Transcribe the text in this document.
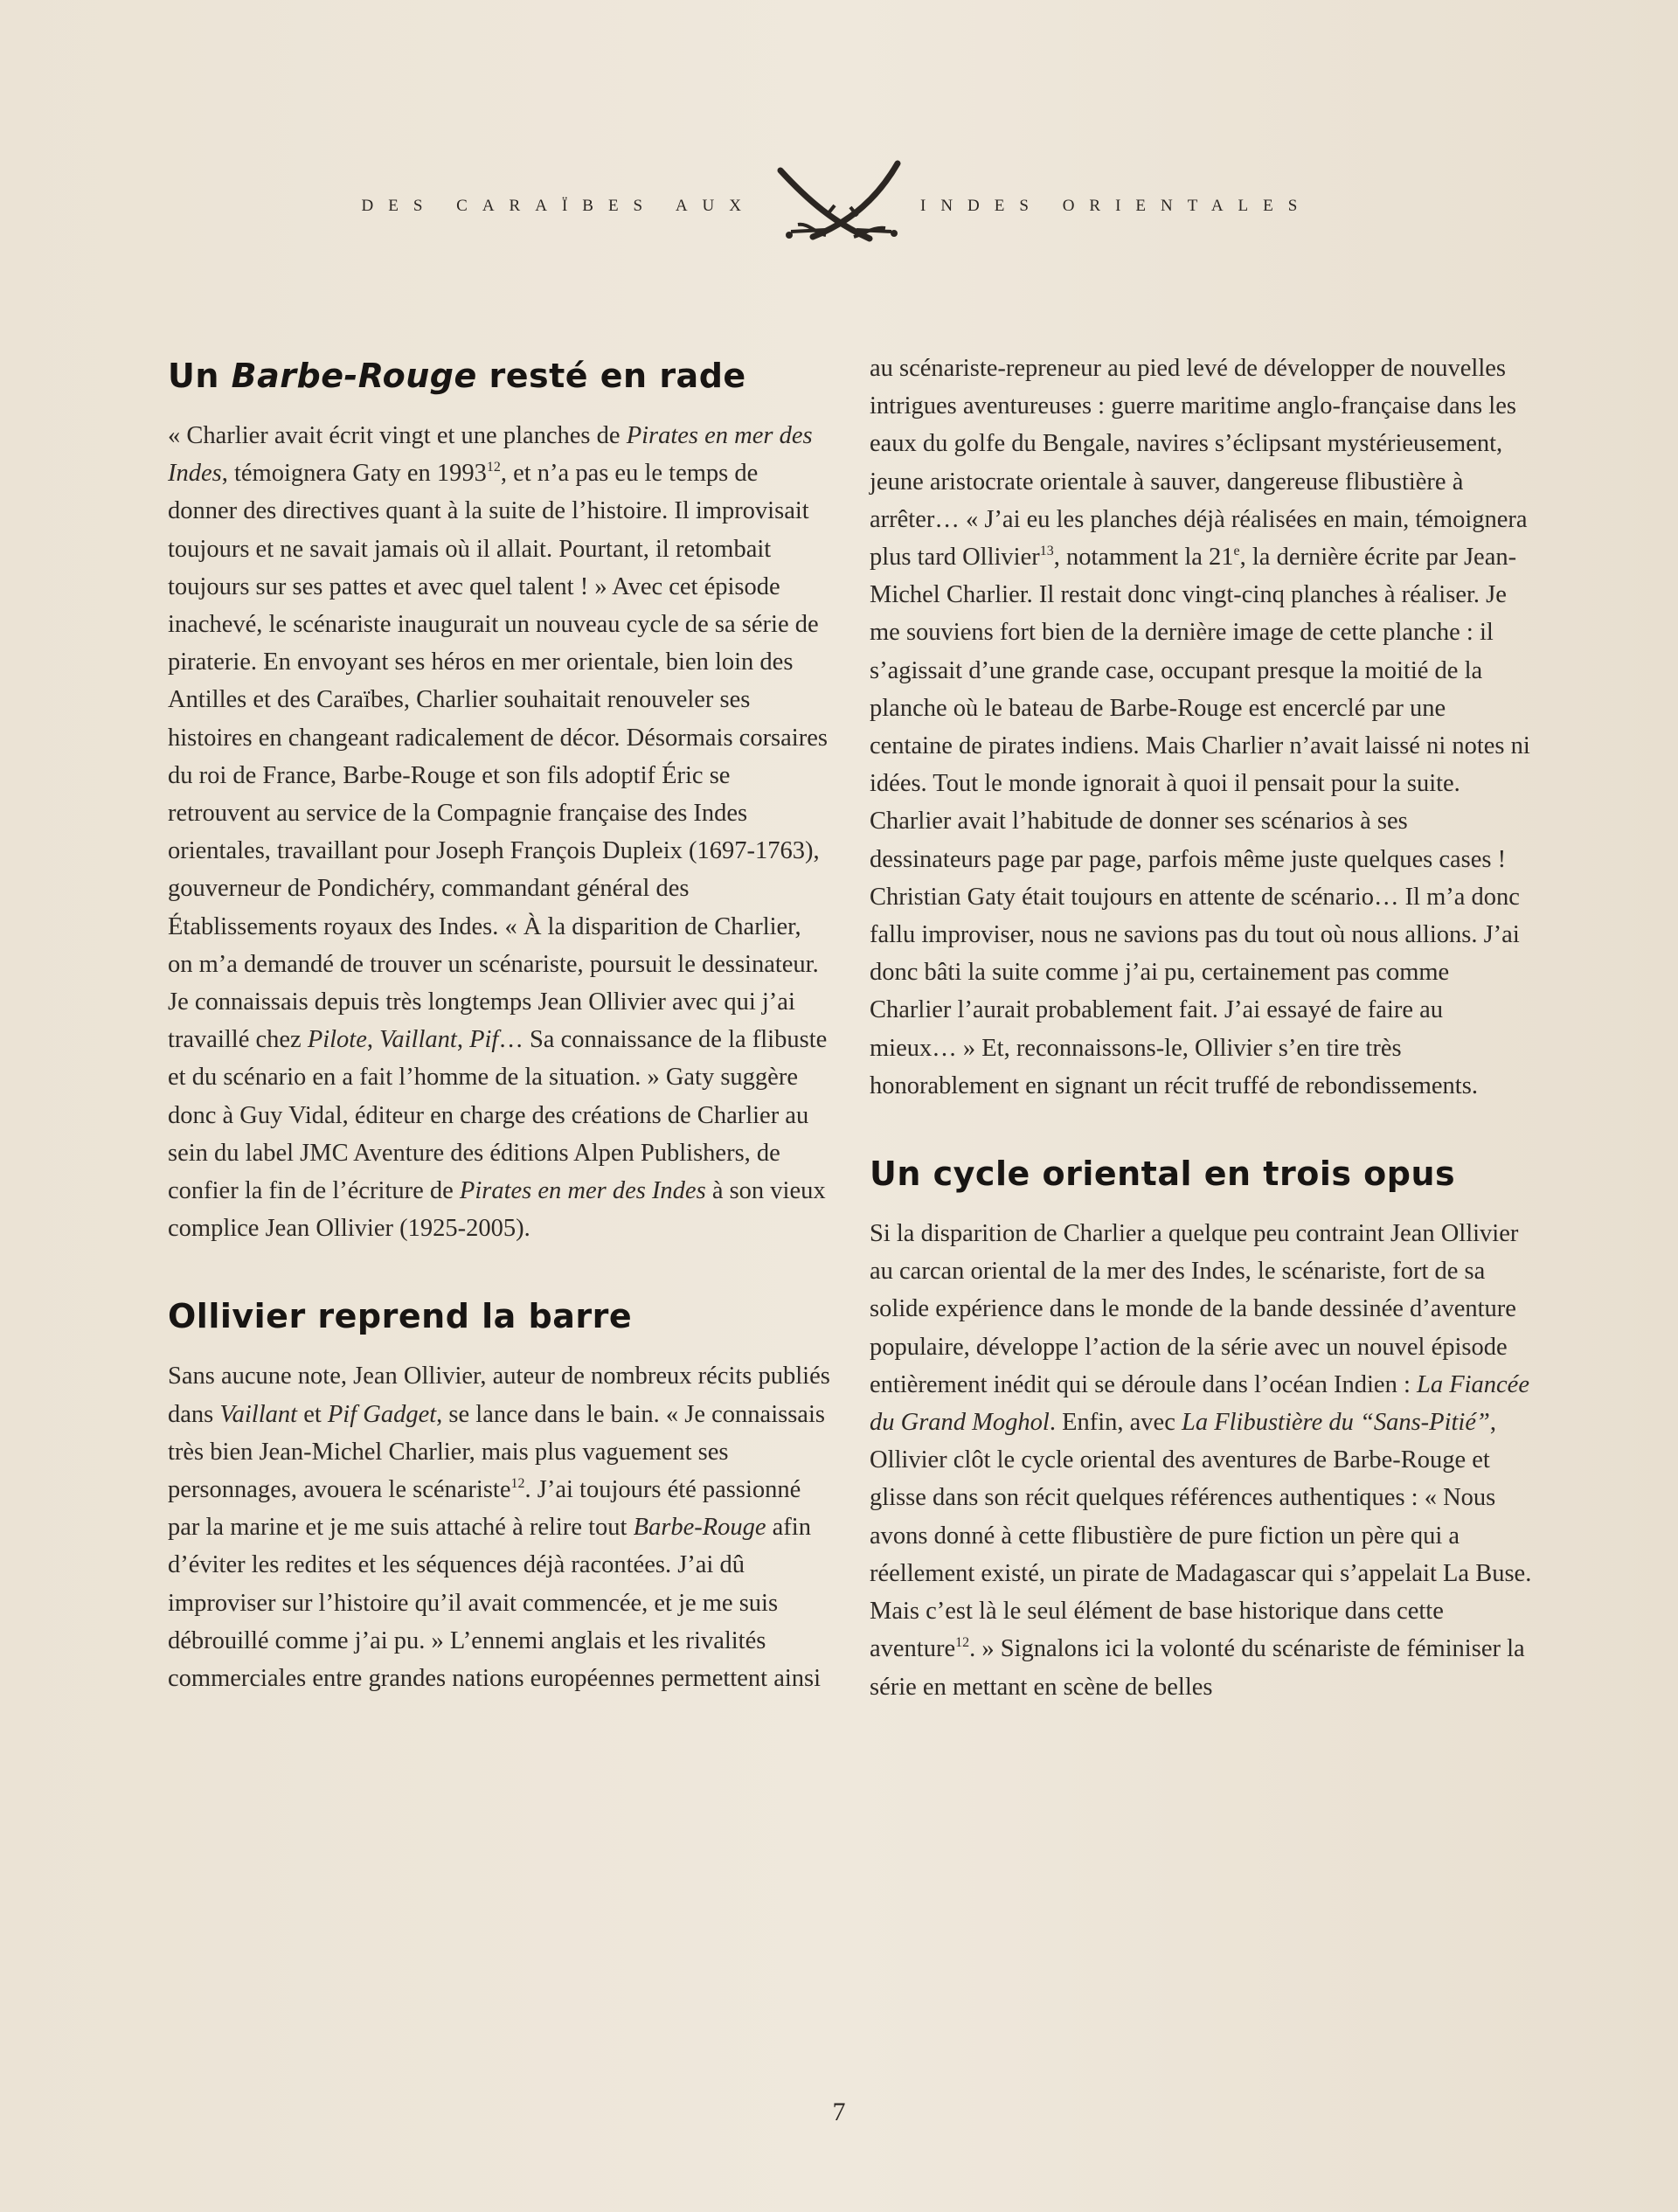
DES CARAÏBES AUX	INDES ORIENTALES
Un Barbe-Rouge resté en rade

« Charlier avait écrit vingt et une planches de Pirates en mer des Indes, témoignera Gaty en 1993$^{12}$, et n’a pas eu le temps de donner des directives quant à la suite de l’histoire. Il improvisait toujours et ne savait jamais où il allait. Pourtant, il retombait toujours sur ses pattes et avec quel talent ! » Avec cet épisode inachevé, le scénariste inaugurait un nouveau cycle de sa série de piraterie. En envoyant ses héros en mer orientale, bien loin des Antilles et des Caraïbes, Charlier souhaitait renouveler ses histoires en changeant radicalement de décor. Désormais corsaires du roi de France, Barbe-Rouge et son fils adoptif Éric se retrouvent au service de la Compagnie française des Indes orientales, travaillant pour Joseph François Dupleix (1697-1763), gouverneur de Pondichéry, commandant général des Établissements royaux des Indes. « À la disparition de Charlier, on m’a demandé de trouver un scénariste, poursuit le dessinateur. Je connaissais depuis très longtemps Jean Ollivier avec qui j’ai travaillé chez Pilote, Vaillant, Pif… Sa connaissance de la flibuste et du scénario en a fait l’homme de la situation. » Gaty suggère donc à Guy Vidal, éditeur en charge des créations de Charlier au sein du label JMC Aventure des éditions Alpen Publishers, de confier la fin de l’écriture de Pirates en mer des Indes à son vieux complice Jean Ollivier (1925-2005).

Ollivier reprend la barre

Sans aucune note, Jean Ollivier, auteur de nombreux récits publiés dans Vaillant et Pif Gadget, se lance dans le bain. « Je connaissais très bien Jean-Michel Charlier, mais plus vaguement ses personnages, avouera le scénariste$^{12}$. J’ai toujours été passionné par la marine et je me suis attaché à relire tout Barbe-Rouge afin d’éviter les redites et les séquences déjà racontées. J’ai dû improviser sur l’histoire qu’il avait commencée, et je me suis débrouillé comme j’ai pu. » L’ennemi anglais et les rivalités commerciales entre grandes nations européennes permettent ainsi

au scénariste-repreneur au pied levé de développer de nouvelles intrigues aventureuses : guerre maritime anglo-française dans les eaux du golfe du Bengale, navires s’éclipsant mystérieusement, jeune aristocrate orientale à sauver, dangereuse flibustière à arrêter… « J’ai eu les planches déjà réalisées en main, témoignera plus tard Ollivier$^{13}$, notamment la 21e, la dernière écrite par Jean-Michel Charlier. Il restait donc vingt-cinq planches à réaliser. Je me souviens fort bien de la dernière image de cette planche : il s’agissait d’une grande case, occupant presque la moitié de la planche où le bateau de Barbe-Rouge est encerclé par une centaine de pirates indiens. Mais Charlier n’avait laissé ni notes ni idées. Tout le monde ignorait à quoi il pensait pour la suite. Charlier avait l’habitude de donner ses scénarios à ses dessinateurs page par page, parfois même juste quelques cases ! Christian Gaty était toujours en attente de scénario… Il m’a donc fallu improviser, nous ne savions pas du tout où nous allions. J’ai donc bâti la suite comme j’ai pu, certainement pas comme Charlier l’aurait probablement fait. J’ai essayé de faire au mieux… » Et, reconnaissons-le, Ollivier s’en tire très honorablement en signant un récit truffé de rebondissements.

Un cycle oriental en trois opus

Si la disparition de Charlier a quelque peu contraint Jean Ollivier au carcan oriental de la mer des Indes, le scénariste, fort de sa solide expérience dans le monde de la bande dessinée d’aventure populaire, développe l’action de la série avec un nouvel épisode entièrement inédit qui se déroule dans l’océan Indien : La Fiancée du Grand Moghol. Enfin, avec La Flibustière du “Sans-Pitié”, Ollivier clôt le cycle oriental des aventures de Barbe-Rouge et glisse dans son récit quelques références authentiques : « Nous avons donné à cette flibustière de pure fiction un père qui a réellement existé, un pirate de Madagascar qui s’appelait La Buse. Mais c’est là le seul élément de base historique dans cette aventure$^{12}$. » Signalons ici la volonté du scénariste de féminiser la série en mettant en scène de belles

7
